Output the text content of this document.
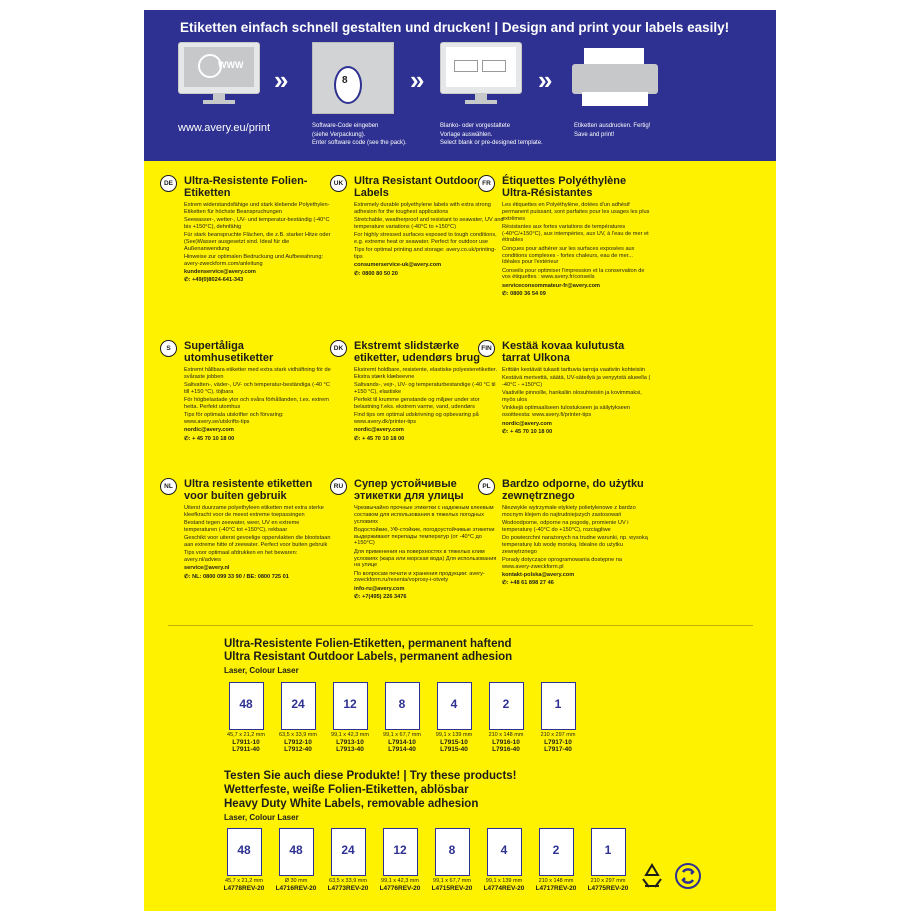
Etiketten einfach schnell gestalten und drucken! | Design and print your labels easily!
WWW »	8 »	»
www.avery.eu/print	Software-Code eingeben
(siehe Verpackung).
Enter software code (see the pack).
Blanko- oder vorgestaltete
Vorlage auswählen.
Select blank or pre-designed template.
Etiketten ausdrucken. Fertig!
Save and print!
DE Ultra-Resistente Folien-Etiketten

Extrem widerstandsfähige und stark klebende Polyethylen-Etiketten für höchste Beanspruchungen

Seewasser-, wetter-, UV- und temperatur-beständig (-40°C bis +150°C), dehnfähig

Für stark beanspruchte Flächen, die z.B. starker Hitze oder (See)Wasser ausgesetzt sind. Ideal für die Außenanwendung

Hinweise zur optimalen Bedruckung und Aufbewahrung: avery-zweckform.com/anleitung

kundenservice@avery.com

✆: +49(0)8024-641-343

UK Ultra Resistant Outdoor Labels

Extremely durable polyethylene labels with extra strong adhesion for the toughest applications

Stretchable, weatherproof and resistant to seawater, UV and temperature variations (-40°C to +150°C)

For highly stressed surfaces exposed to tough conditions, e.g. extreme heat or seawater. Perfect for outdoor use

Tips for optimal printing and storage: avery.co.uk/printing-tips

consumerservice-uk@avery.com

✆: 0800 80 50 20

FR	Étiquettes Polyéthylène Ultra-Résistantes

Les étiquettes en Polyéthylène, dotées d'un adhésif permanent puissant, sont parfaites pour les usages les plus extrêmes

Résistantes aux fortes variations de températures (-40°C/+150°C), aux intempéries, aux UV, à l'eau de mer et étirables

Conçues pour adhérer sur les surfaces exposées aux conditions complexes - fortes chaleurs, eau de mer... Idéales pour l'extérieur

Conseils pour optimiser l'impression et la conservation de vos étiquettes : www.avery.fr/conseils

serviceconsommateur-fr@avery.com

✆: 0800 36 54 09

S	Supertåliga utomhusetiketter

Extremt hållbara etiketter med extra stark vidhäftning för de svåraste jobben

Saltvatten-, väder-, UV- och temperatur-beständiga (-40 °C till +150 °C), töjbara

För högbelastade ytor och svåra förhållanden, t.ex. extrem hetta. Perfekt utomhus

Tips för optimala utskrifter och förvaring: www.avery.se/utskrifts-tips

nordic@avery.com

✆: + 45 70 10 18 00

DK Ekstremt slidstærke etiketter, udendørs brug

Ekstremt holdbare, resistente, elastiske polyesteretiketter. Ekstra stærk klæbeevne

Saltvands-, vejr-, UV- og temperaturbestandige (-40 °C til +150 °C), elastiske

Perfekt til krumme genstande og miljøer under stor belastning f.eks. ekstrem varme, vand, udendørs

Find tips om optimal udskrivning og opbevaring på www.avery.dk/printer-tips

nordic@avery.com

✆: + 45 70 10 18 00

FIN Kestää kovaa kulutusta tarrat Ulkona

Erittäin kestävät tukasti tarttuvia tarroja vaativiin kohteisiin

Kestävä merivettä, säätä, UV-säteilyä ja venyytstä alueella ( -40°C - +150°C)

Vaativille pinnoille, hankaliin olosuhteisiin ja kovimmaksi, myös ulos

Vinkkejä optimaaliseen tulostukseen ja säilytykseen osoitteesta: www.avery.fi/printer-tips

nordic@avery.com

✆: + 45 70 10 18 00

NL	Ultra resistente etiketten voor buiten gebruik

Uiterst duurzame polyethyleen etiketten met extra sterke kleefkracht voor de meest extreme toepassingen

Bestand tegen zeewater, weer, UV en extreme temperaturen (-40°C tot +150°C), rekbaar

Geschikt voor uiterst gevoelige oppervlakten die blootstaan aan extreme hitte of zeewater. Perfect voor buiten gebruik

Tips voor optimaal afdrukken en het bewaren: avery.nl/advies

service@avery.nl

✆: NL: 0800 099 33 90 / BE: 0800 725 01

RU Супер устойчивые этикетки для улицы

Чрезвычайно прочные этикетки с надежным клеевым составом для использования в тяжелых погодных условиях

Водостойкие, УФ-стойкие, погодоустойчивые этикетки выдерживают перепады температур (от -40°C до +150°C)

Для применения на поверхностях в тяжелых клим условиях (жара или морская вода) Для использования на улице

По вопросам печати и хранения продукции: avery-zweckform.ru/resenia/voprosy-i-otvety

info-ru@avery.com

✆: +7(495) 226 3476

PL	Bardzo odporne, do użytku zewnętrznego

Niezwykle wytrzymałe etykiety polietylenowe z bardzo mocnym klejem do najtrudniejszych zastosowań

Wodoodporne, odporne na pogodę, promienie UV i temperaturę (-40°C do +150°C), rozciągliwe

Do powierzchni narażonych na trudne warunki, np. wysoką temperaturę lub wodę morską. Idealne do użytku zewnętrznego

Porady dotyczące oprogramowania dostępne na www.avery-zweckform.pl

kontakt-polska@avery.com

✆: +48 61 898 27 46

Ultra-Resistente Folien-Etiketten, permanent haftend
Ultra Resistant Outdoor Labels, permanent adhesion
Laser, Colour Laser
48
45,7 x 21,2 mm
L7911-10
L7911-40
24
63,5 x 33,9 mm
L7912-10
L7912-40
12
99,1 x 42,3 mm
L7913-10
L7913-40
8
99,1 x 67,7 mm
L7914-10
L7914-40
4
99,1 x 139 mm
L7915-10
L7915-40
2
210 x 148 mm
L7916-10
L7916-40
1
210 x 297 mm
L7917-10
L7917-40
Testen Sie auch diese Produkte! | Try these products!
Wetterfeste, weiße Folien-Etiketten, ablösbar
Heavy Duty White Labels, removable adhesion
Laser, Colour Laser
48
45,7 x 21,2 mm
L4778REV-20
48
Ø 30 mm
L4716REV-20
24
63,5 x 33,9 mm
L4773REV-20
12
99,1 x 42,3 mm
L4776REV-20
8
99,1 x 67,7 mm
L4715REV-20
4
99,1 x 139 mm
L4774REV-20
2
210 x 148 mm
L4717REV-20
1
210 x 297 mm
L4775REV-20
